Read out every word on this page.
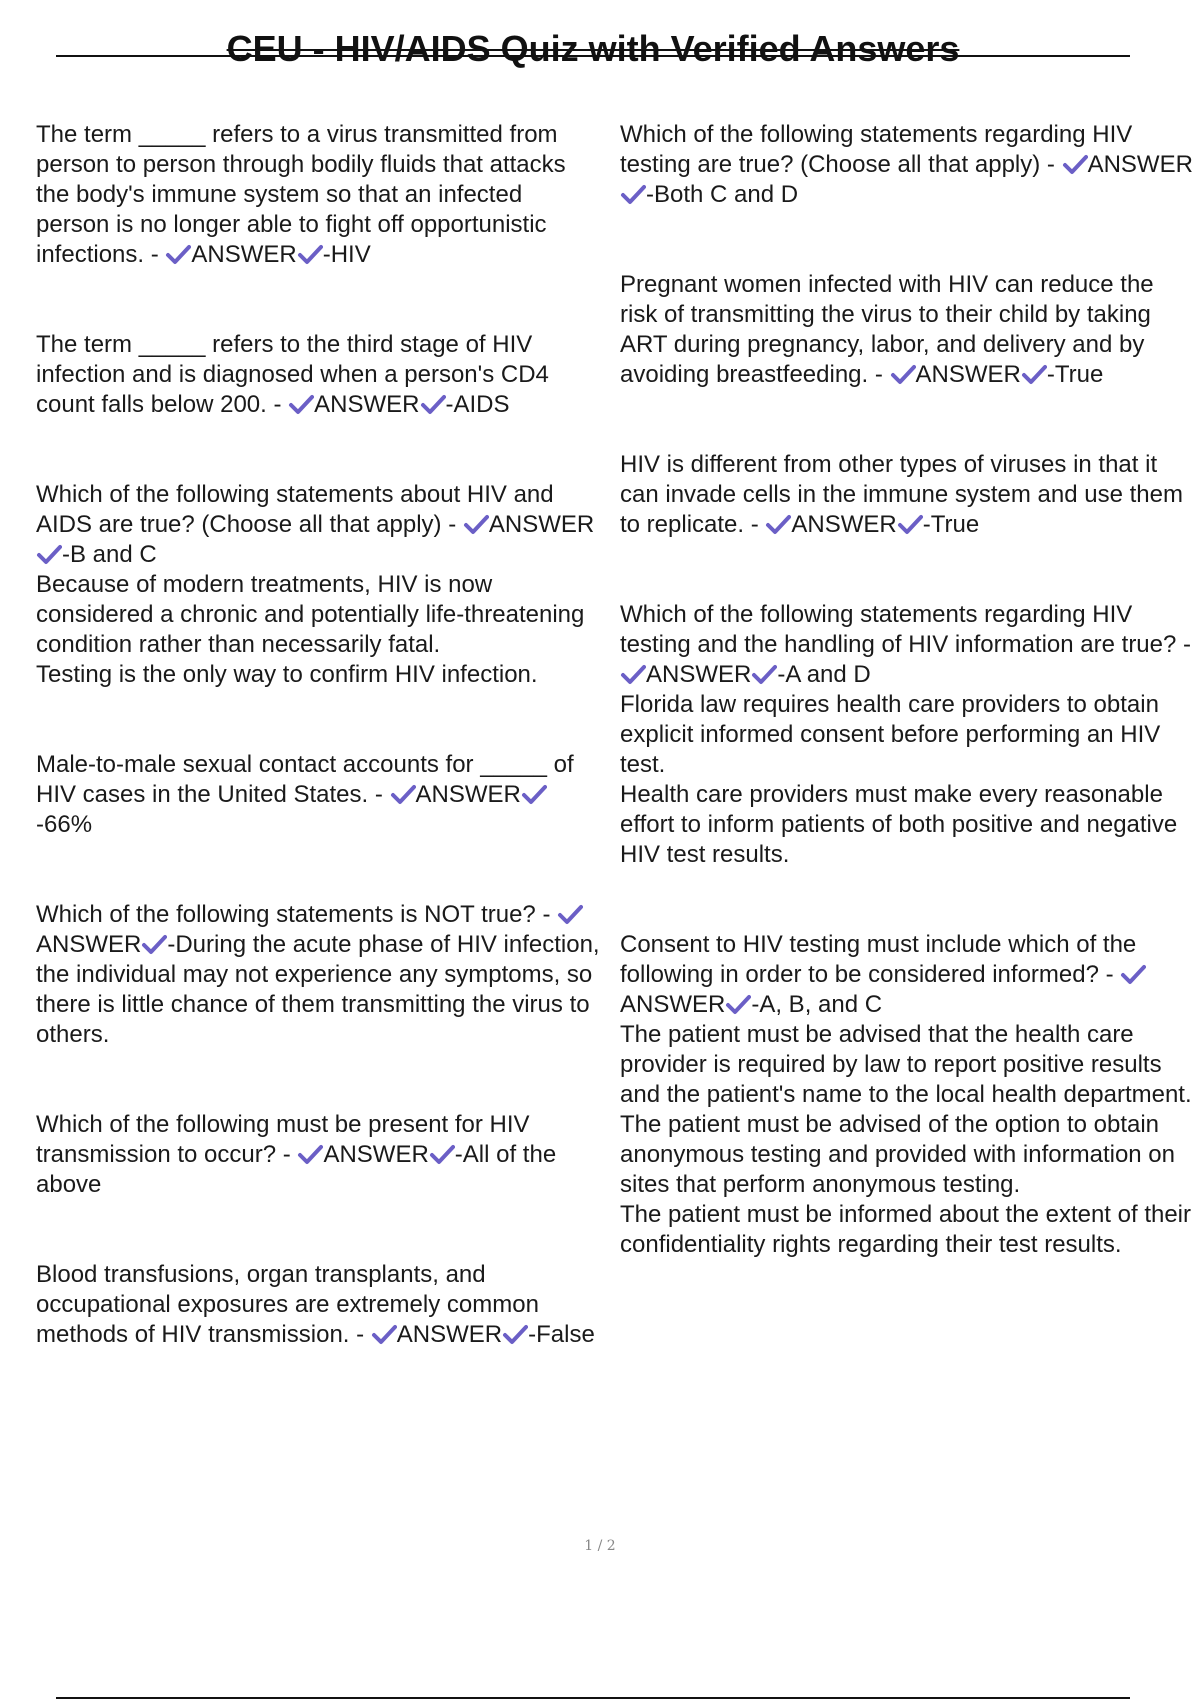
CEU - HIV/AIDS Quiz with Verified Answers

The term _____ refers to a virus transmitted from person to person through bodily fluids that attacks the body's immune system so that an infected person is no longer able to fight off opportunistic infections. - ANSWER -HIV

The term _____ refers to the third stage of HIV infection and is diagnosed when a person's CD4 count falls below 200. - ANSWER -AIDS

Which of the following statements about HIV and AIDS are true? (Choose all that apply) - ANSWER
-B and C

Because of modern treatments, HIV is now considered a chronic and potentially life-threatening condition rather than necessarily fatal.

Testing is the only way to confirm HIV infection.

Male-to-male sexual contact accounts for _____ of HIV cases in the United States. - ANSWER
-66%

Which of the following statements is NOT true? -
ANSWER -During the acute phase of HIV infection, the individual may not experience any symptoms, so there is little chance of them transmitting the virus to others.

Which of the following must be present for HIV transmission to occur? - ANSWER -All of the above

Blood transfusions, organ transplants, and occupational exposures are extremely common methods of HIV transmission. - ANSWER -False

Which of the following statements regarding HIV testing are true? (Choose all that apply) - ANSWER
-Both C and D

Pregnant women infected with HIV can reduce the risk of transmitting the virus to their child by taking ART during pregnancy, labor, and delivery and by avoiding breastfeeding. - ANSWER -True

HIV is different from other types of viruses in that it can invade cells in the immune system and use them to replicate. - ANSWER -True

Which of the following statements regarding HIV testing and the handling of HIV information are true? -
ANSWER -A and D

Florida law requires health care providers to obtain explicit informed consent before performing an HIV test.

Health care providers must make every reasonable effort to inform patients of both positive and negative HIV test results.

Consent to HIV testing must include which of the following in order to be considered informed? -
ANSWER -A, B, and C

The patient must be advised that the health care provider is required by law to report positive results and the patient's name to the local health department.

The patient must be advised of the option to obtain anonymous testing and provided with information on sites that perform anonymous testing.

The patient must be informed about the extent of their confidentiality rights regarding their test results.

1 / 2
